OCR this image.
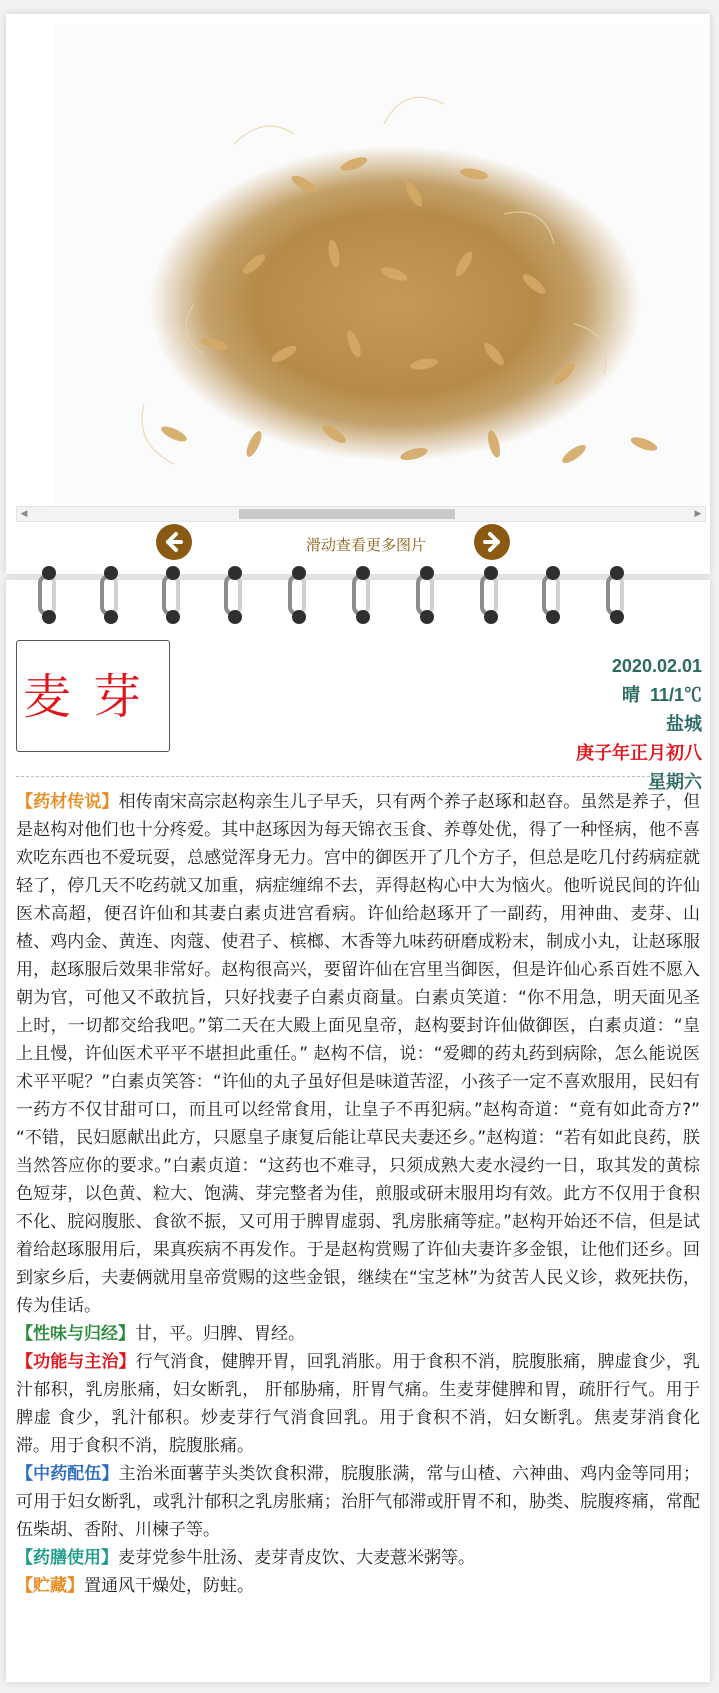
◀	▶
滑动查看更多图片
麦芽
2020.02.01
晴  11/1℃
盐城
庚子年正月初八
星期六

【药材传说】相传南宋高宗赵构亲生儿子早夭，只有两个养子赵琢和赵昚。虽然是养子，但是赵构对他们也十分疼爱。其中赵琢因为每天锦衣玉食、养尊处优，得了一种怪病，他不喜欢吃东西也不爱玩耍，总感觉浑身无力。宫中的御医开了几个方子，但总是吃几付药病症就轻了，停几天不吃药就又加重，病症缠绵不去，弄得赵构心中大为恼火。他听说民间的许仙医术高超，便召许仙和其妻白素贞进宫看病。许仙给赵琢开了一副药，用神曲、麦芽、山楂、鸡内金、黄连、肉蔻、使君子、槟榔、木香等九味药研磨成粉末，制成小丸，让赵琢服用，赵琢服后效果非常好。赵构很高兴，要留许仙在宫里当御医，但是许仙心系百姓不愿入朝为官，可他又不敢抗旨，只好找妻子白素贞商量。白素贞笑道：“你不用急，明天面见圣上时，一切都交给我吧。”第二天在大殿上面见皇帝，赵构要封许仙做御医，白素贞道：“皇上且慢，许仙医术平平不堪担此重任。” 赵构不信，说：“爱卿的药丸药到病除，怎么能说医术平平呢？”白素贞笑答：“许仙的丸子虽好但是味道苦涩，小孩子一定不喜欢服用，民妇有一药方不仅甘甜可口，而且可以经常食用，让皇子不再犯病。”赵构奇道：“竟有如此奇方?” “不错，民妇愿献出此方，只愿皇子康复后能让草民夫妻还乡。”赵构道：“若有如此良药，朕当然答应你的要求。”白素贞道：“这药也不难寻，只须成熟大麦水浸约一日，取其发的黄棕色短芽，以色黄、粒大、饱满、芽完整者为佳，煎服或研末服用均有效。此方不仅用于食积不化、脘闷腹胀、食欲不振，又可用于脾胃虚弱、乳房胀痛等症。”赵构开始还不信，但是试着给赵琢服用后，果真疾病不再发作。于是赵构赏赐了许仙夫妻许多金银，让他们还乡。回到家乡后，夫妻俩就用皇帝赏赐的这些金银，继续在“宝芝林”为贫苦人民义诊，救死扶伤，传为佳话。

【性味与归经】甘，平。归脾、胃经。

【功能与主治】行气消食，健脾开胃，回乳消胀。用于食积不消，脘腹胀痛，脾虚食少，乳汁郁积，乳房胀痛，妇女断乳， 肝郁胁痛，肝胃气痛。生麦芽健脾和胃，疏肝行气。用于脾虚 食少，乳汁郁积。炒麦芽行气消食回乳。用于食积不消，妇女断乳。焦麦芽消食化滞。用于食积不消，脘腹胀痛。

【中药配伍】主治米面薯芋头类饮食积滞，脘腹胀满，常与山楂、六神曲、鸡内金等同用；可用于妇女断乳，或乳汁郁积之乳房胀痛；治肝气郁滞或肝胃不和，胁类、脘腹疼痛，常配伍柴胡、香附、川楝子等。

【药膳使用】麦芽党参牛肚汤、麦芽青皮饮、大麦薏米粥等。

【贮藏】置通风干燥处，防蛀。
